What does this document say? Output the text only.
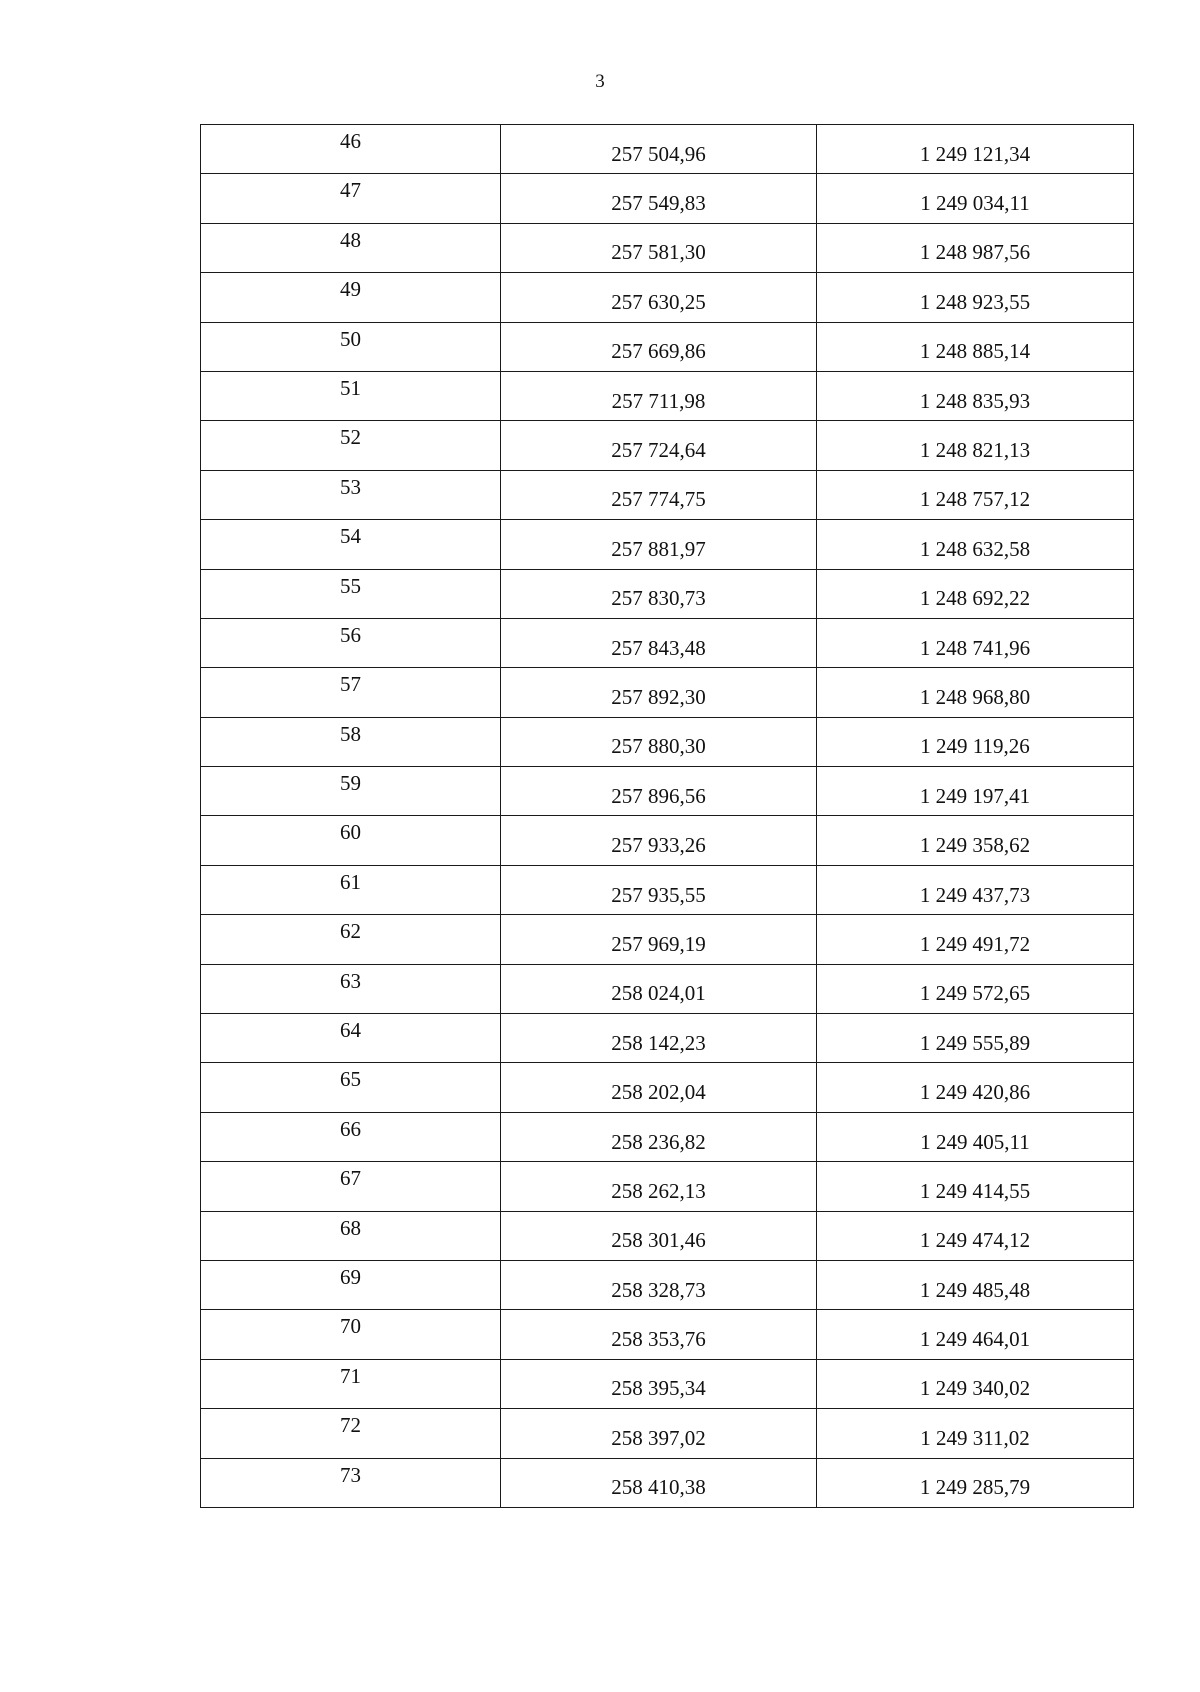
3
46	257 504,96	1 249 121,34
47	257 549,83	1 249 034,11
48	257 581,30	1 248 987,56
49	257 630,25	1 248 923,55
50	257 669,86	1 248 885,14
51	257 711,98	1 248 835,93
52	257 724,64	1 248 821,13
53	257 774,75	1 248 757,12
54	257 881,97	1 248 632,58
55	257 830,73	1 248 692,22
56	257 843,48	1 248 741,96
57	257 892,30	1 248 968,80
58	257 880,30	1 249 119,26
59	257 896,56	1 249 197,41
60	257 933,26	1 249 358,62
61	257 935,55	1 249 437,73
62	257 969,19	1 249 491,72
63	258 024,01	1 249 572,65
64	258 142,23	1 249 555,89
65	258 202,04	1 249 420,86
66	258 236,82	1 249 405,11
67	258 262,13	1 249 414,55
68	258 301,46	1 249 474,12
69	258 328,73	1 249 485,48
70	258 353,76	1 249 464,01
71	258 395,34	1 249 340,02
72	258 397,02	1 249 311,02
73	258 410,38	1 249 285,79
